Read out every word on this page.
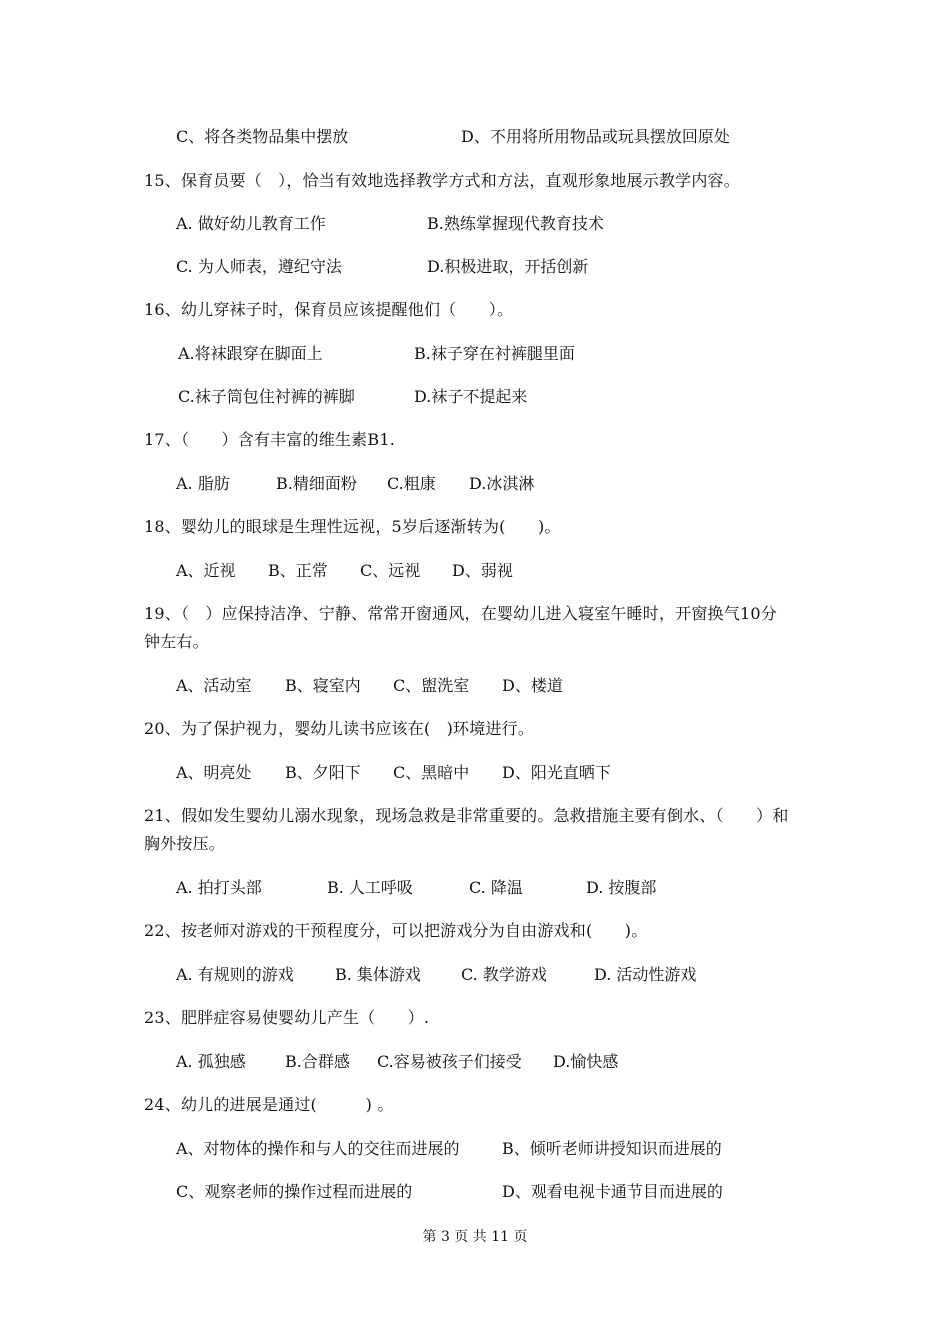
C、将各类物品集中摆放	D、不用将所用物品或玩具摆放回原处
15、保育员要（　），恰当有效地选择教学方式和方法，直观形象地展示教学内容。
A. 做好幼儿教育工作	B.熟练掌握现代教育技术
C. 为人师表，遵纪守法	D.积极进取，开括创新
16、幼儿穿袜子时，保育员应该提醒他们（　　）。
A.将袜跟穿在脚面上	B.袜子穿在衬裤腿里面
C.袜子筒包住衬裤的裤脚	D.袜子不提起来
17、（　　）含有丰富的维生素B1.
A. 脂肪	B.精细面粉 C.粗康 D.冰淇淋
18、婴幼儿的眼球是生理性远视，5岁后逐渐转为(　　)。
A、近视 B、正常 C、远视 D、弱视
19、（　）应保持洁净、宁静、常常开窗通风，在婴幼儿进入寝室午睡时，开窗换气10分
钟左右。
A、活动室 B、寝室内 C、盥洗室 D、楼道
20、为了保护视力，婴幼儿读书应该在(　)环境进行。
A、明亮处 B、夕阳下 C、黑暗中 D、阳光直晒下
21、假如发生婴幼儿溺水现象，现场急救是非常重要的。急救措施主要有倒水、（　　）和
胸外按压。
A. 拍打头部	B. 人工呼吸	C. 降温	D. 按腹部
22、按老师对游戏的干预程度分，可以把游戏分为自由游戏和(　　)。
A. 有规则的游戏	B. 集体游戏	C. 教学游戏	D. 活动性游戏
23、肥胖症容易使婴幼儿产生（　　）.
A. 孤独感 B.合群感 C.容易被孩子们接受 D.愉快感
24、幼儿的进展是通过(　　　) 。
A、对物体的操作和与人的交往而进展的	B、倾听老师讲授知识而进展的
C、观察老师的操作过程而进展的	D、观看电视卡通节目而进展的
第 3 页 共 11 页
